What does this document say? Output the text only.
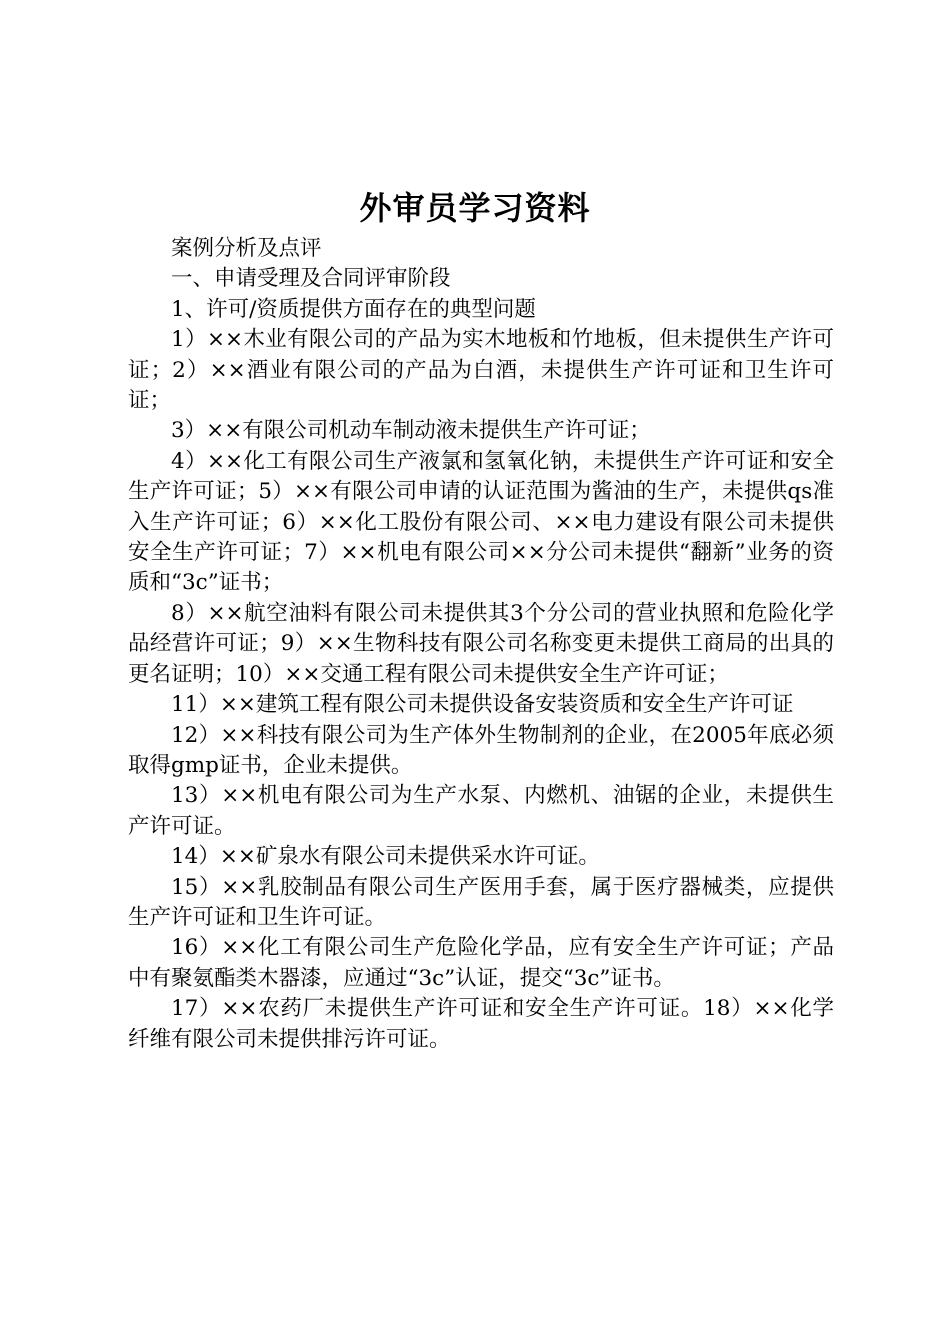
外审员学习资料

案例分析及点评

一、申请受理及合同评审阶段

1、许可/资质提供方面存在的典型问题

1）××木业有限公司的产品为实木地板和竹地板，但未提供生产许可证；2）××酒业有限公司的产品为白酒，未提供生产许可证和卫生许可证；

3）××有限公司机动车制动液未提供生产许可证；

4）××化工有限公司生产液氯和氢氧化钠，未提供生产许可证和安全生产许可证；5）××有限公司申请的认证范围为酱油的生产，未提供qs准入生产许可证；6）××化工股份有限公司、××电力建设有限公司未提供安全生产许可证；7）××机电有限公司××分公司未提供“翻新”业务的资质和“3c”证书；

8）××航空油料有限公司未提供其3个分公司的营业执照和危险化学品经营许可证；9）××生物科技有限公司名称变更未提供工商局的出具的更名证明；10）××交通工程有限公司未提供安全生产许可证；

11）××建筑工程有限公司未提供设备安装资质和安全生产许可证

12）××科技有限公司为生产体外生物制剂的企业，在2005年底必须取得gmp证书，企业未提供。

13）××机电有限公司为生产水泵、内燃机、油锯的企业，未提供生产许可证。

14）××矿泉水有限公司未提供采水许可证。

15）××乳胶制品有限公司生产医用手套，属于医疗器械类，应提供生产许可证和卫生许可证。

16）××化工有限公司生产危险化学品，应有安全生产许可证；产品中有聚氨酯类木器漆，应通过“3c”认证，提交“3c”证书。

17）××农药厂未提供生产许可证和安全生产许可证。18）××化学纤维有限公司未提供排污许可证。
